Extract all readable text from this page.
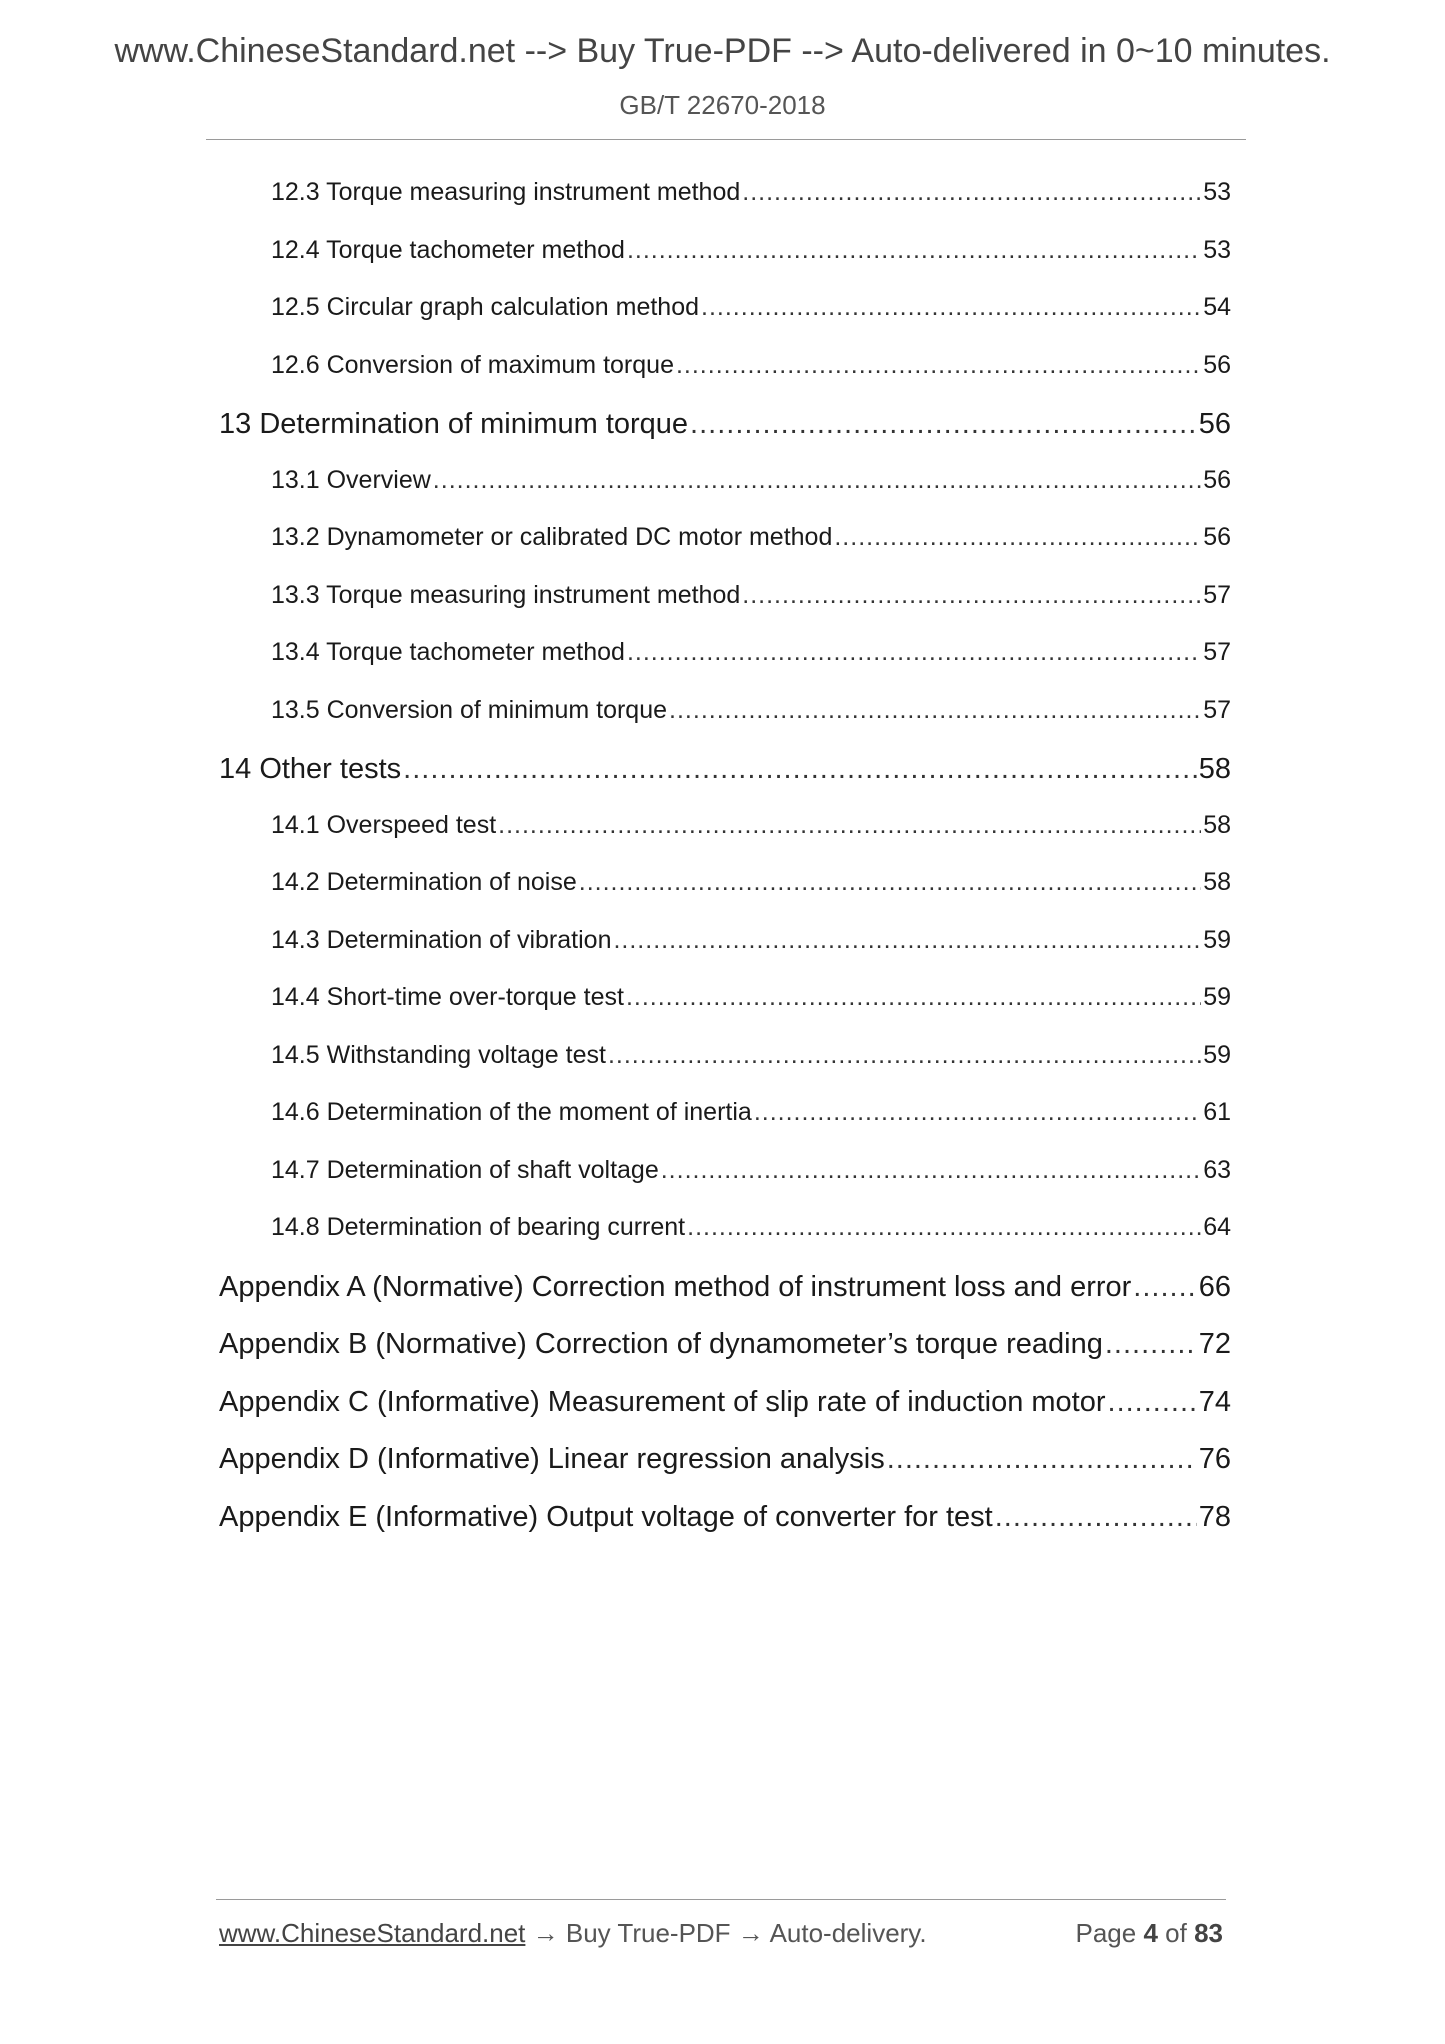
www.ChineseStandard.net --> Buy True-PDF --> Auto-delivered in 0~10 minutes.
GB/T 22670-2018
12.3 Torque measuring instrument method .....	53
12.4 Torque tachometer method .....	53
12.5 Circular graph calculation method .....	54
12.6 Conversion of maximum torque .....	56
13 Determination of minimum torque .....	56
13.1 Overview .....	56
13.2 Dynamometer or calibrated DC motor method .....	56
13.3 Torque measuring instrument method .....	57
13.4 Torque tachometer method .....	57
13.5 Conversion of minimum torque .....	57
14 Other tests .....	58
14.1 Overspeed test .....	58
14.2 Determination of noise .....	58
14.3 Determination of vibration .....	59
14.4 Short-time over-torque test .....	59
14.5 Withstanding voltage test .....	59
14.6 Determination of the moment of inertia .....	61
14.7 Determination of shaft voltage .....	63
14.8 Determination of bearing current .....	64
Appendix A (Normative) Correction method of instrument loss and error ..... 66
Appendix B (Normative) Correction of dynamometer’s torque reading .....	72
Appendix C (Informative) Measurement of slip rate of induction motor .....	74
Appendix D (Informative) Linear regression analysis .....	76
Appendix E (Informative) Output voltage of converter for test .....	78
www.ChineseStandard.net → Buy True-PDF → Auto-delivery.	Page 4 of 83
